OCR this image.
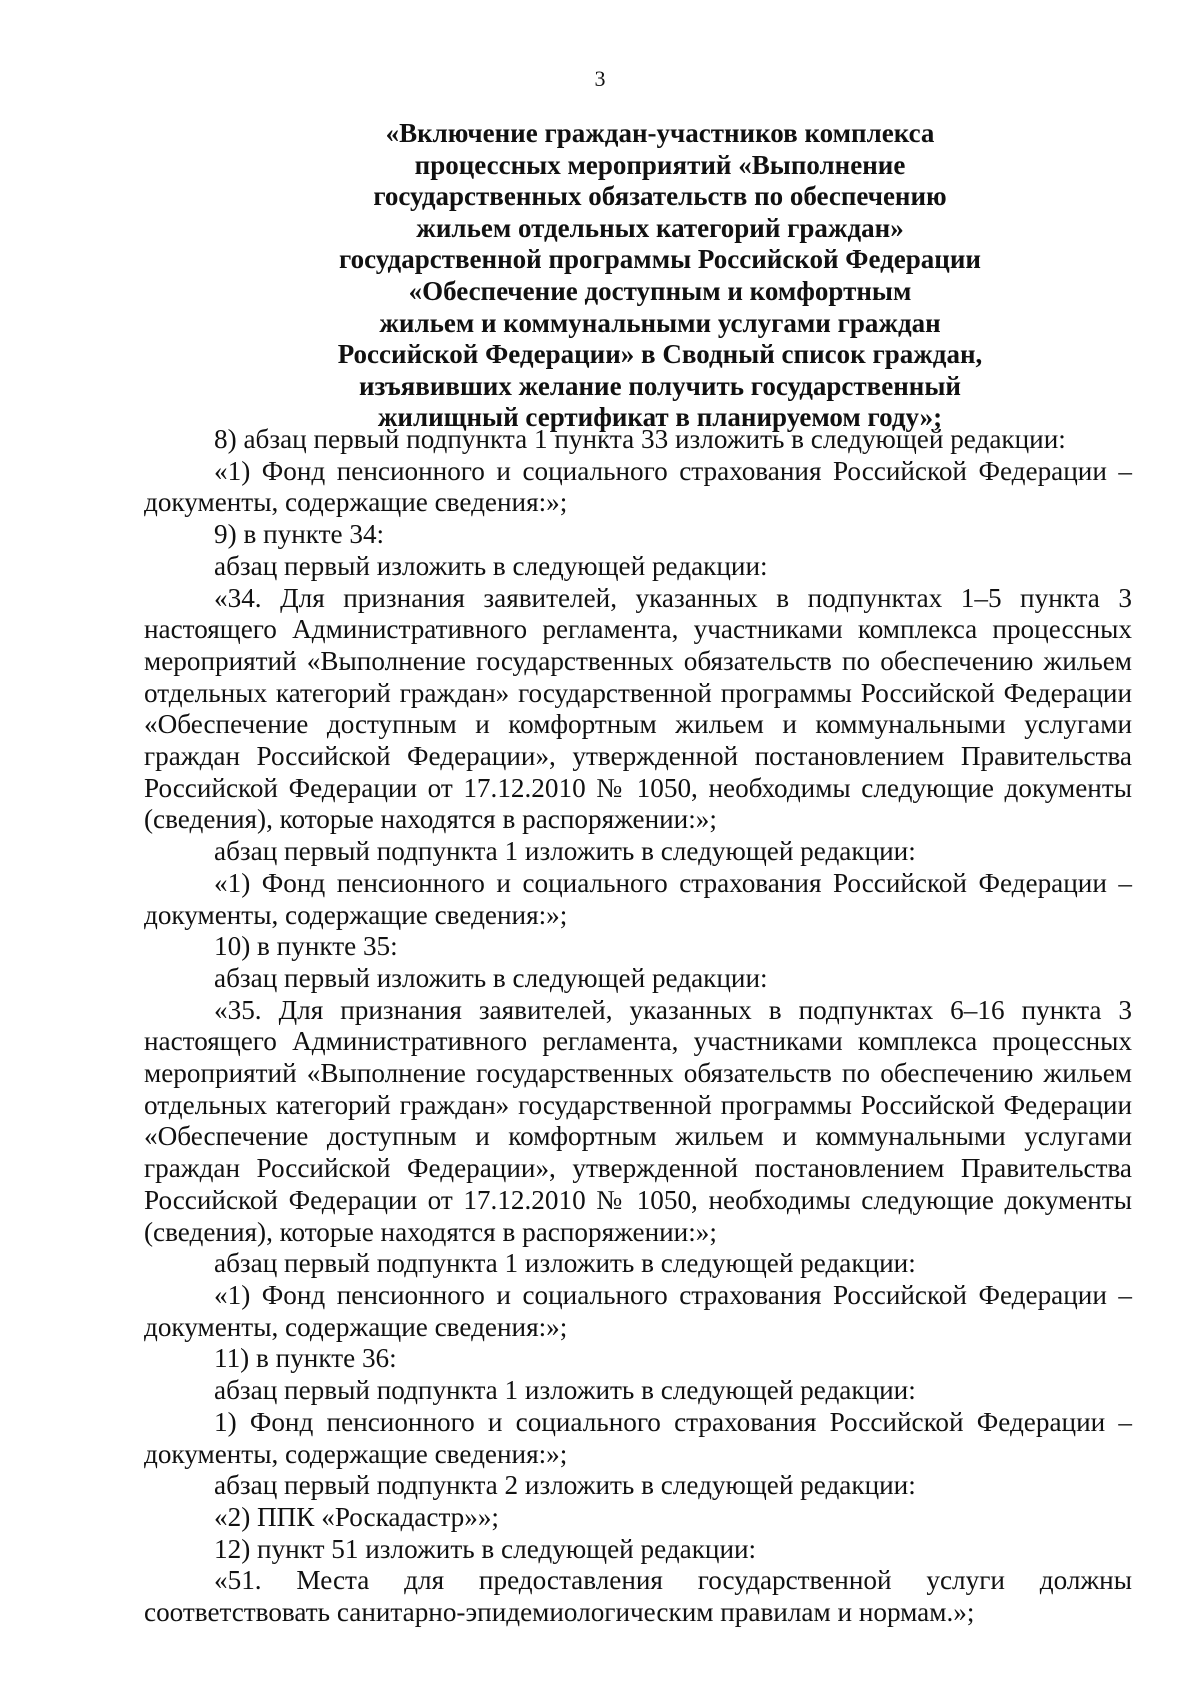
3
«Включение граждан-участников комплекса
процессных мероприятий «Выполнение
государственных обязательств по обеспечению
жильем отдельных категорий граждан»
государственной программы Российской Федерации
«Обеспечение доступным и комфортным
жильем и коммунальными услугами граждан
Российской Федерации» в Сводный список граждан,
изъявивших желание получить государственный
жилищный сертификат в планируемом году»;

8) абзац первый подпункта 1 пункта 33 изложить в следующей редакции:

«1) Фонд пенсионного и социального страхования Российской Федерации – документы, содержащие сведения:»;

9) в пункте 34:

абзац первый изложить в следующей редакции:

«34. Для признания заявителей, указанных в подпунктах 1–5 пункта 3 настоящего Административного регламента, участниками комплекса процессных мероприятий «Выполнение государственных обязательств по обеспечению жильем отдельных категорий граждан» государственной программы Российской Федерации «Обеспечение доступным и комфортным жильем и коммунальными услугами граждан Российской Федерации», утвержденной постановлением Правительства Российской Федерации от 17.12.2010 № 1050, необходимы следующие документы (сведения), которые находятся в распоряжении:»;

абзац первый подпункта 1 изложить в следующей редакции:

«1) Фонд пенсионного и социального страхования Российской Федерации – документы, содержащие сведения:»;

10) в пункте 35:

абзац первый изложить в следующей редакции:

«35. Для признания заявителей, указанных в подпунктах 6–16 пункта 3 настоящего Административного регламента, участниками комплекса процессных мероприятий «Выполнение государственных обязательств по обеспечению жильем отдельных категорий граждан» государственной программы Российской Федерации «Обеспечение доступным и комфортным жильем и коммунальными услугами граждан Российской Федерации», утвержденной постановлением Правительства Российской Федерации от 17.12.2010 № 1050, необходимы следующие документы (сведения), которые находятся в распоряжении:»;

абзац первый подпункта 1 изложить в следующей редакции:

«1) Фонд пенсионного и социального страхования Российской Федерации – документы, содержащие сведения:»;

11) в пункте 36:

абзац первый подпункта 1 изложить в следующей редакции:

1) Фонд пенсионного и социального страхования Российской Федерации – документы, содержащие сведения:»;

абзац первый подпункта 2 изложить в следующей редакции:

«2) ППК «Роскадастр»»;

12) пункт 51 изложить в следующей редакции:

«51. Места для предоставления государственной услуги должны соответствовать санитарно-эпидемиологическим правилам и нормам.»;
